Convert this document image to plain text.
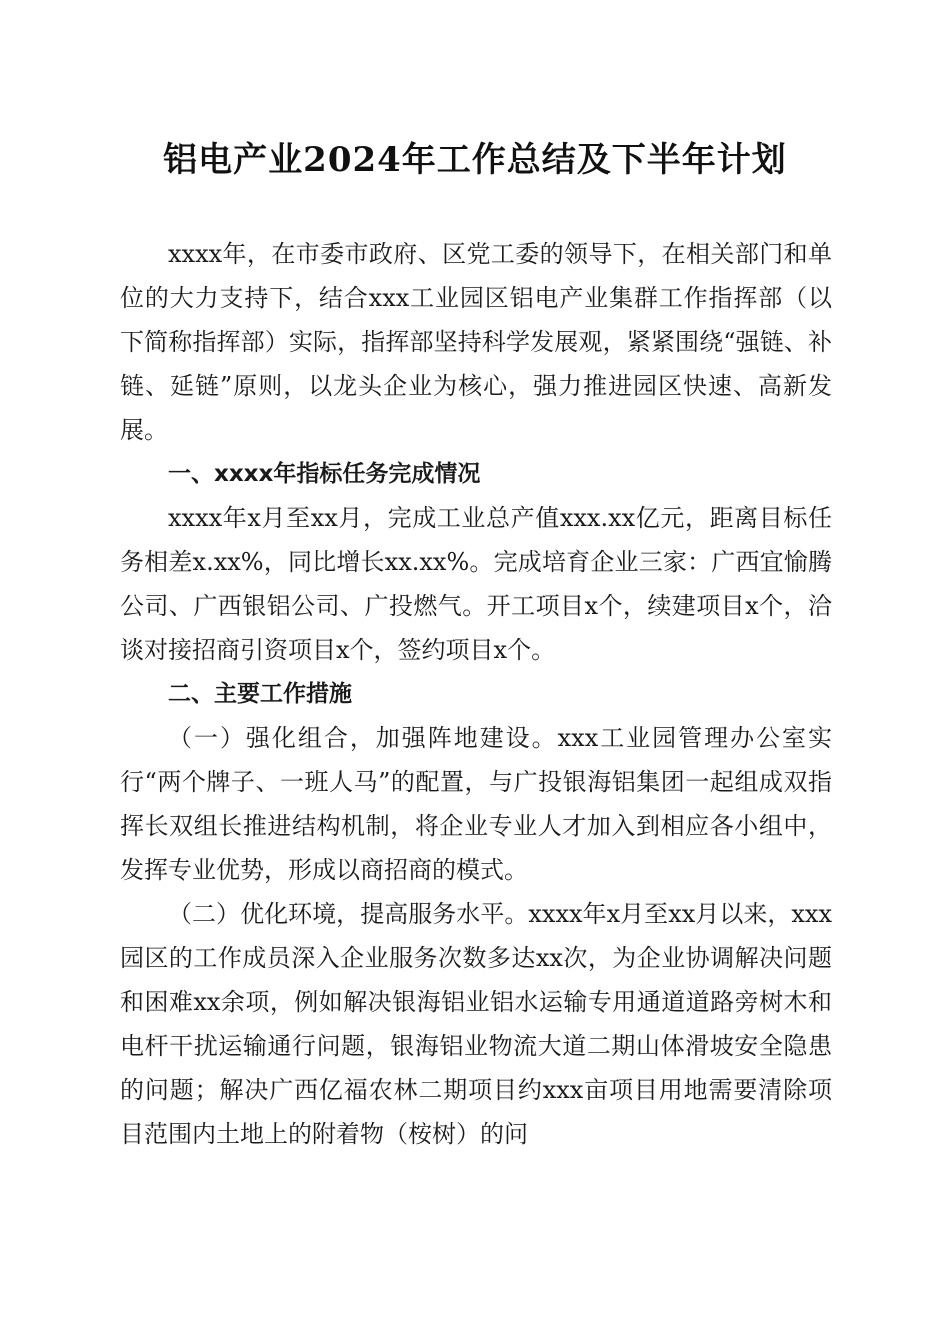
铝电产业2024年工作总结及下半年计划

xxxx年，在市委市政府、区党工委的领导下，在相关部门和单位的大力支持下，结合xxx工业园区铝电产业集群工作指挥部（以下简称指挥部）实际，指挥部坚持科学发展观，紧紧围绕“强链、补链、延链”原则，以龙头企业为核心，强力推进园区快速、高新发展。

一、xxxx年指标任务完成情况

xxxx年x月至xx月，完成工业总产值xxx.xx亿元，距离目标任务相差x.xx%，同比增长xx.xx%。完成培育企业三家：广西宜愉腾公司、广西银铝公司、广投燃气。开工项目x个，续建项目x个，洽谈对接招商引资项目x个，签约项目x个。

二、主要工作措施

（一）强化组合，加强阵地建设。xxx工业园管理办公室实行“两个牌子、一班人马”的配置，与广投银海铝集团一起组成双指挥长双组长推进结构机制，将企业专业人才加入到相应各小组中，发挥专业优势，形成以商招商的模式。

（二）优化环境，提高服务水平。xxxx年x月至xx月以来，xxx园区的工作成员深入企业服务次数多达xx次，为企业协调解决问题和困难xx余项，例如解决银海铝业铝水运输专用通道道路旁树木和电杆干扰运输通行问题，银海铝业物流大道二期山体滑坡安全隐患的问题；解决广西亿福农林二期项目约xxx亩项目用地需要清除项目范围内土地上的附着物（桉树）的问
